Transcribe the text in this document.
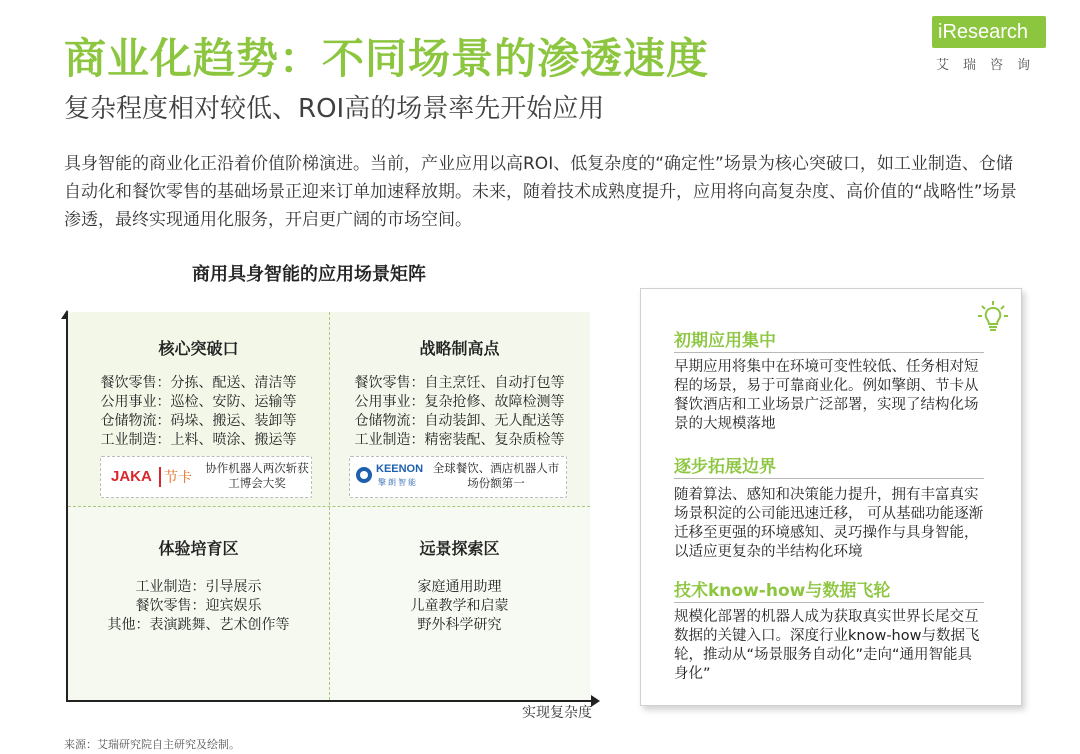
商业化趋势：不同场景的渗透速度
复杂程度相对较低、ROI高的场景率先开始应用
iResearch
艾瑞咨询
具身智能的商业化正沿着价值阶梯演进。当前，产业应用以高ROI、低复杂度的“确定性”场景为核心突破口，如工业制造、仓储自动化和餐饮零售的基础场景正迎来订单加速释放期。未来，随着技术成熟度提升，应用将向高复杂度、高价值的“战略性”场景渗透，最终实现通用化服务，开启更广阔的市场空间。
商用具身智能的应用场景矩阵
实现复杂度
核心突破口
餐饮零售：分拣、配送、清洁等
公用事业：巡检、安防、运输等
仓储物流：码垛、搬运、装卸等
工业制造：上料、喷涂、搬运等
JAKA 节卡
协作机器人两次斩获工博会大奖
战略制高点
餐饮零售：自主烹饪、自动打包等
公用事业：复杂抢修、故障检测等
仓储物流：自动装卸、无人配送等
工业制造：精密装配、复杂质检等
KEENON
擎朗智能
全球餐饮、酒店机器人市场份额第一
体验培育区
工业制造：引导展示
餐饮零售：迎宾娱乐
其他：表演跳舞、艺术创作等
远景探索区
家庭通用助理
儿童教学和启蒙
野外科学研究
初期应用集中
早期应用将集中在环境可变性较低、任务相对短程的场景，易于可靠商业化。例如擎朗、节卡从餐饮酒店和工业场景广泛部署，实现了结构化场景的大规模落地
逐步拓展边界
随着算法、感知和决策能力提升，拥有丰富真实场景积淀的公司能迅速迁移， 可从基础功能逐渐迁移至更强的环境感知、灵巧操作与具身智能，以适应更复杂的半结构化环境
技术know-how与数据飞轮
规模化部署的机器人成为获取真实世界长尾交互数据的关键入口。深度行业know-how与数据飞轮，推动从“场景服务自动化”走向“通用智能具身化”
来源：艾瑞研究院自主研究及绘制。
